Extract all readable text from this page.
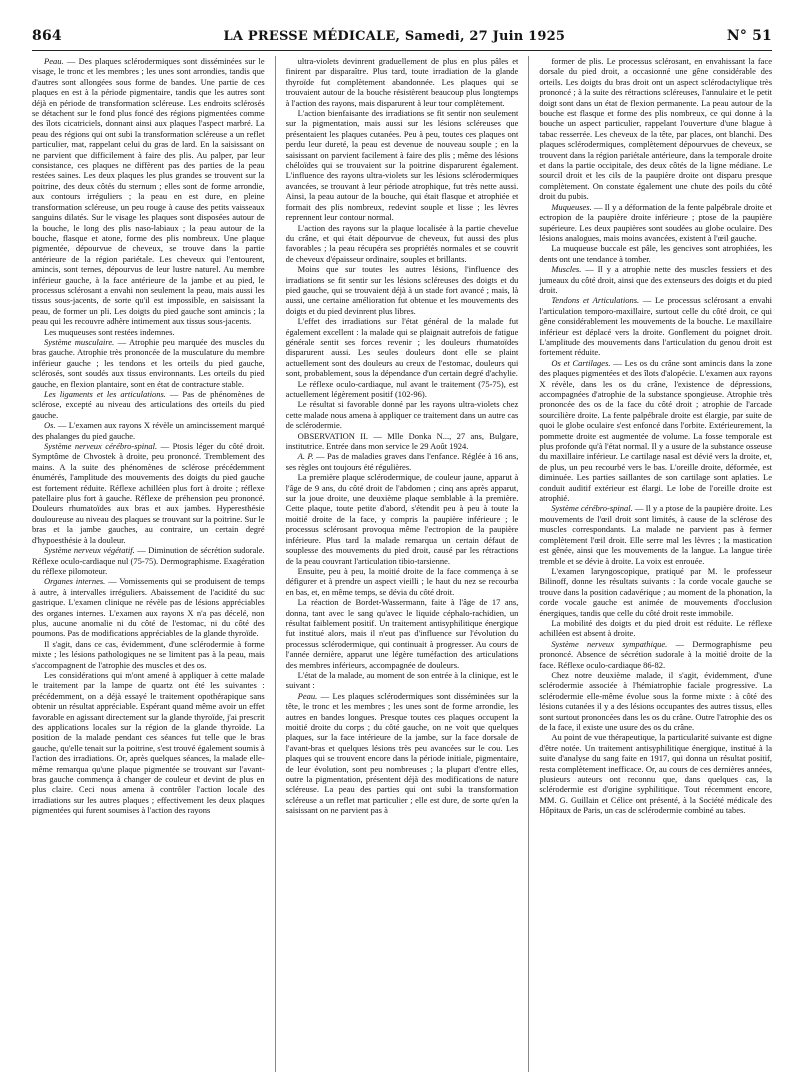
864	LA PRESSE MÉDICALE, Samedi, 27 Juin 1925	N° 51

Peau. — Des plaques sclérodermiques sont disséminées sur le visage, le tronc et les membres ; les unes sont arrondies, tandis que d'autres sont allongées sous forme de bandes. Une partie de ces plaques en est à la période pigmentaire, tandis que les autres sont déjà en période de transformation scléreuse. Les endroits sclérosés se détachent sur le fond plus foncé des régions pigmentées comme des îlots cicatriciels, donnant ainsi aux plaques l'aspect marbré. La peau des régions qui ont subi la transformation scléreuse a un reflet particulier, mat, rappelant celui du gras de lard. En la saisissant on ne parvient que difficilement à faire des plis. Au palper, par leur consistance, ces plaques ne diffèrent pas des parties de la peau restées saines. Les deux plaques les plus grandes se trouvent sur la poitrine, des deux côtés du sternum ; elles sont de forme arrondie, aux contours irréguliers ; la peau en est dure, en pleine transformation scléreuse, un peu rouge à cause des petits vaisseaux sanguins dilatés. Sur le visage les plaques sont disposées autour de la bouche, le long des plis naso-labiaux ; la peau autour de la bouche, flasque et atone, forme des plis nombreux. Une plaque pigmentée, dépourvue de cheveux, se trouve dans la partie antérieure de la région pariétale. Les cheveux qui l'entourent, amincis, sont ternes, dépourvus de leur lustre naturel. Au membre inférieur gauche, à la face antérieure de la jambe et au pied, le processus sclérosant a envahi non seulement la peau, mais aussi les tissus sous-jacents, de sorte qu'il est impossible, en saisissant la peau, de former un pli. Les doigts du pied gauche sont amincis ; la peau qui les recouvre adhère intimement aux tissus sous-jacents.

Les muqueuses sont restées indemnes.

Système musculaire. — Atrophie peu marquée des muscles du bras gauche. Atrophie très prononcée de la musculature du membre inférieur gauche ; les tendons et les orteils du pied gauche, sclérosés, sont soudés aux tissus environnants. Les orteils du pied gauche, en flexion plantaire, sont en état de contracture stable.

Les ligaments et les articulations. — Pas de phénomènes de sclérose, excepté au niveau des articulations des orteils du pied gauche.

Os. — L'examen aux rayons X révèle un amincissement marqué des phalanges du pied gauche.

Système nerveux cérébro-spinal. — Ptosis léger du côté droit. Symptôme de Chvostek à droite, peu prononcé. Tremblement des mains. A la suite des phénomènes de sclérose précédemment énumérés, l'amplitude des mouvements des doigts du pied gauche est fortement réduite. Réflexe achilléen plus fort à droite ; réflexe patellaire plus fort à gauche. Réflexe de préhension peu prononcé. Douleurs rhumatoïdes aux bras et aux jambes. Hyperesthésie douloureuse au niveau des plaques se trouvant sur la poitrine. Sur le bras et la jambe gauches, au contraire, un certain degré d'hypoesthésie à la douleur.

Système nerveux végétatif. — Diminution de sécrétion sudorale. Réflexe oculo-cardiaque nul (75-75). Dermographisme. Exagération du réflexe pilomoteur.

Organes internes. — Vomissements qui se produisent de temps à autre, à intervalles irréguliers. Abaissement de l'acidité du suc gastrique. L'examen clinique ne révèle pas de lésions appréciables des organes internes. L'examen aux rayons X n'a pas décelé, non plus, aucune anomalie ni du côté de l'estomac, ni du côté des poumons. Pas de modifications appréciables de la glande thyroïde.

Il s'agit, dans ce cas, évidemment, d'une sclérodermie à forme mixte ; les lésions pathologiques ne se limitent pas à la peau, mais s'accompagnent de l'atrophie des muscles et des os.

Les considérations qui m'ont amené à appliquer à cette malade le traitement par la lampe de quartz ont été les suivantes : précédemment, on a déjà essayé le traitement opothérapique sans obtenir un résultat appréciable. Espérant quand même avoir un effet favorable en agissant directement sur la glande thyroïde, j'ai prescrit des applications locales sur la région de la glande thyroïde. La position de la malade pendant ces séances fut telle que le bras gauche, qu'elle tenait sur la poitrine, s'est trouvé également soumis à l'action des irradiations. Or, après quelques séances, la malade elle-même remarqua qu'une plaque pigmentée se trouvant sur l'avant-bras gauche commença à changer de couleur et devint de plus en plus claire. Ceci nous amena à contrôler l'action locale des irradiations sur les autres plaques ; effectivement les deux plaques pigmentées qui furent soumises à l'action des rayons

ultra-violets devinrent graduellement de plus en plus pâles et finirent par disparaître. Plus tard, toute irradiation de la glande thyroïde fut complètement abandonnée. Les plaques qui se trouvaient autour de la bouche résistèrent beaucoup plus longtemps à l'action des rayons, mais disparurent à leur tour complètement.

L'action bienfaisante des irradiations se fit sentir non seulement sur la pigmentation, mais aussi sur les lésions scléreuses que présentaient les plaques cutanées. Peu à peu, toutes ces plaques ont perdu leur dureté, la peau est devenue de nouveau souple ; en la saisissant on parvient facilement à faire des plis ; même des lésions chéloïdes qui se trouvaient sur la poitrine disparurent également. L'influence des rayons ultra-violets sur les lésions sclérodermiques avancées, se trouvant à leur période atrophique, fut très nette aussi. Ainsi, la peau autour de la bouche, qui était flasque et atrophiée et formait des plis nombreux, redevint souple et lisse ; les lèvres reprennent leur contour normal.

L'action des rayons sur la plaque localisée à la partie chevelue du crâne, et qui était dépourvue de cheveux, fut aussi des plus favorables ; la peau récupéra ses propriétés normales et se couvrit de cheveux d'épaisseur ordinaire, souples et brillants.

Moins que sur toutes les autres lésions, l'influence des irradiations se fit sentir sur les lésions scléreuses des doigts et du pied gauche, qui se trouvaient déjà à un stade fort avancé ; mais, là aussi, une certaine amélioration fut obtenue et les mouvements des doigts et du pied devinrent plus libres.

L'effet des irradiations sur l'état général de la malade fut également excellent : la malade qui se plaignait autrefois de fatigue générale sentit ses forces revenir ; les douleurs rhumatoïdes disparurent aussi. Les seules douleurs dont elle se plaint actuellement sont des douleurs au creux de l'estomac, douleurs qui sont, probablement, sous la dépendance d'un certain degré d'achylie.

Le réflexe oculo-cardiaque, nul avant le traitement (75-75), est actuellement légèrement positif (102-96).

Le résultat si favorable donné par les rayons ultra-violets chez cette malade nous amena à appliquer ce traitement dans un autre cas de sclérodermie.

OBSERVATION II. — Mlle Donka N..., 27 ans, Bulgare, institutrice. Entrée dans mon service le 29 Août 1924.

A. P. — Pas de maladies graves dans l'enfance. Réglée à 16 ans, ses règles ont toujours été régulières.

La première plaque sclérodermique, de couleur jaune, apparut à l'âge de 9 ans, du côté droit de l'abdomen ; cinq ans après apparut, sur la joue droite, une deuxième plaque semblable à la première. Cette plaque, toute petite d'abord, s'étendit peu à peu à toute la moitié droite de la face, y compris la paupière inférieure ; le processus sclérosant provoqua même l'ectropion de la paupière inférieure. Plus tard la malade remarqua un certain défaut de souplesse des mouvements du pied droit, causé par les rétractions de la peau couvrant l'articulation tibio-tarsienne.

Ensuite, peu à peu, la moitié droite de la face commença à se défigurer et à prendre un aspect vieilli ; le haut du nez se recourba en bas, et, en même temps, se dévia du côté droit.

La réaction de Bordet-Wassermann, faite à l'âge de 17 ans, donna, tant avec le sang qu'avec le liquide céphalo-rachidien, un résultat faiblement positif. Un traitement antisyphilitique énergique fut institué alors, mais il n'eut pas d'influence sur l'évolution du processus sclérodermique, qui continuait à progresser. Au cours de l'année dernière, apparut une légère tuméfaction des articulations des membres inférieurs, accompagnée de douleurs.

L'état de la malade, au moment de son entrée à la clinique, est le suivant :

Peau. — Les plaques sclérodermiques sont disséminées sur la tête, le tronc et les membres ; les unes sont de forme arrondie, les autres en bandes longues. Presque toutes ces plaques occupent la moitié droite du corps ; du côté gauche, on ne voit que quelques plaques, sur la face intérieure de la jambe, sur la face dorsale de l'avant-bras et quelques lésions très peu avancées sur le cou. Les plaques qui se trouvent encore dans la période initiale, pigmentaire, de leur évolution, sont peu nombreuses ; la plupart d'entre elles, outre la pigmentation, présentent déjà des modifications de nature scléreuse. La peau des parties qui ont subi la transformation scléreuse a un reflet mat particulier ; elle est dure, de sorte qu'en la saisissant on ne parvient pas à

former de plis. Le processus sclérosant, en envahissant la face dorsale du pied droit, a occasionné une gêne considérable des orteils. Les doigts du bras droit ont un aspect sclérodactylique très prononcé ; à la suite des rétractions scléreuses, l'annulaire et le petit doigt sont dans un état de flexion permanente. La peau autour de la bouche est flasque et forme des plis nombreux, ce qui donne à la bouche un aspect particulier, rappelant l'ouverture d'une blague à tabac resserrée. Les cheveux de la tête, par places, ont blanchi. Des plaques sclérodermiques, complètement dépourvues de cheveux, se trouvent dans la région pariétale antérieure, dans la temporale droite et dans la partie occipitale, des deux côtés de la ligne médiane. Le sourcil droit et les cils de la paupière droite ont disparu presque complètement. On constate également une chute des poils du côté droit du pubis.

Muqueuses. — Il y a déformation de la fente palpébrale droite et ectropion de la paupière droite inférieure ; ptose de la paupière supérieure. Les deux paupières sont soudées au globe oculaire. Des lésions analogues, mais moins avancées, existent à l'œil gauche.

La muqueuse buccale est pâle, les gencives sont atrophiées, les dents ont une tendance à tomber.

Muscles. — Il y a atrophie nette des muscles fessiers et des jumeaux du côté droit, ainsi que des extenseurs des doigts et du pied droit.

Tendons et Articulations. — Le processus sclérosant a envahi l'articulation temporo-maxillaire, surtout celle du côté droit, ce qui gêne considérablement les mouvements de la bouche. Le maxillaire inférieur est déplacé vers la droite. Gonflement du poignet droit. L'amplitude des mouvements dans l'articulation du genou droit est fortement réduite.

Os et Cartilages. — Les os du crâne sont amincis dans la zone des plaques pigmentées et des îlots d'alopécie. L'examen aux rayons X révèle, dans les os du crâne, l'existence de dépressions, accompagnées d'atrophie de la substance spongieuse. Atrophie très prononcée des os de la face du côté droit ; atrophie de l'arcade sourcilière droite. La fente palpébrale droite est élargie, par suite de quoi le globe oculaire s'est enfoncé dans l'orbite. Extérieurement, la pommette droite est augmentée de volume. La fosse temporale est plus profonde qu'à l'état normal. Il y a usure de la substance osseuse du maxillaire inférieur. Le cartilage nasal est dévié vers la droite, et, de plus, un peu recourbé vers le bas. L'oreille droite, déformée, est diminuée. Les parties saillantes de son cartilage sont aplaties. Le conduit auditif extérieur est élargi. Le lobe de l'oreille droite est atrophié.

Système cérébro-spinal. — Il y a ptose de la paupière droite. Les mouvements de l'œil droit sont limités, à cause de la sclérose des muscles correspondants. La malade ne parvient pas à fermer complètement l'œil droit. Elle serre mal les lèvres ; la mastication est gênée, ainsi que les mouvements de la langue. La langue tirée tremble et se dévie à droite. La voix est enrouée.

L'examen laryngoscopique, pratiqué par M. le professeur Bilinoff, donne les résultats suivants : la corde vocale gauche se trouve dans la position cadavérique ; au moment de la phonation, la corde vocale gauche est animée de mouvements d'occlusion énergiques, tandis que celle du côté droit reste immobile.

La mobilité des doigts et du pied droit est réduite. Le réflexe achilléen est absent à droite.

Système nerveux sympathique. — Dermographisme peu prononcé. Absence de sécrétion sudorale à la moitié droite de la face. Réflexe oculo-cardiaque 86-82.

Chez notre deuxième malade, il s'agit, évidemment, d'une sclérodermie associée à l'hémiatrophie faciale progressive. La sclérodermie elle-même évolue sous la forme mixte : à côté des lésions cutanées il y a des lésions occupantes des autres tissus, elles sont surtout prononcées dans les os du crâne. Outre l'atrophie des os de la face, il existe une usure des os du crâne.

Au point de vue thérapeutique, la particularité suivante est digne d'être notée. Un traitement antisyphilitique énergique, institué à la suite d'analyse du sang faite en 1917, qui donna un résultat positif, resta complètement inefficace. Or, au cours de ces dernières années, plusieurs auteurs ont reconnu que, dans quelques cas, la sclérodermie est d'origine syphilitique. Tout récemment encore, MM. G. Guillain et Célice ont présenté, à la Société médicale des Hôpitaux de Paris, un cas de sclérodermie combiné au tabes.
